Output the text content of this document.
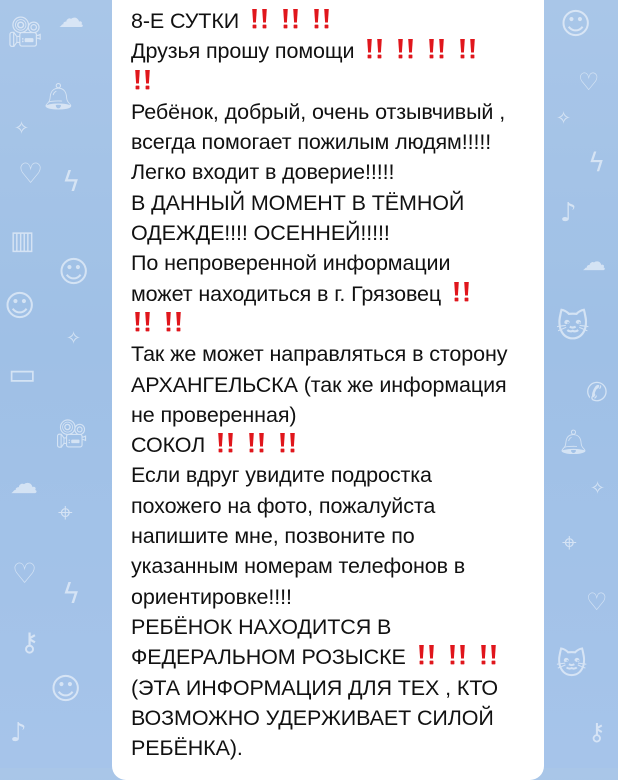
🎥︎ ☁
🔔︎
✧
♡ ϟ
▥
☺
☺
✧
▭
🎥︎
☁
⌖
♡
ϟ
⚷
☺
♪
☺
♡
✧
ϟ
♪
☁
🐱︎
✆
🔔︎
✧
⌖
♡
🐱︎
⚷
8-Е СУТКИ
Друзья прошу помощи
Ребёнок, добрый, очень отзывчивый ,
всегда помогает пожилым людям!!!!!
Легко входит в доверие!!!!!
В ДАННЫЙ МОМЕНТ В ТЁМНОЙ
ОДЕЖДЕ!!!! ОСЕННЕЙ!!!!!
По непроверенной информации
может находиться в г. Грязовец
Так же может направляться в сторону
АРХАНГЕЛЬСКА (так же информация
не проверенная)
СОКОЛ
Если вдруг увидите подростка
похожего на фото, пожалуйста
напишите мне, позвоните по
указанным номерам телефонов в
ориентировке!!!!
РЕБЁНОК НАХОДИТСЯ В
ФЕДЕРАЛЬНОМ РОЗЫСКЕ
(ЭТА ИНФОРМАЦИЯ ДЛЯ ТЕХ , КТО
ВОЗМОЖНО УДЕРЖИВАЕТ СИЛОЙ
РЕБЁНКА).
